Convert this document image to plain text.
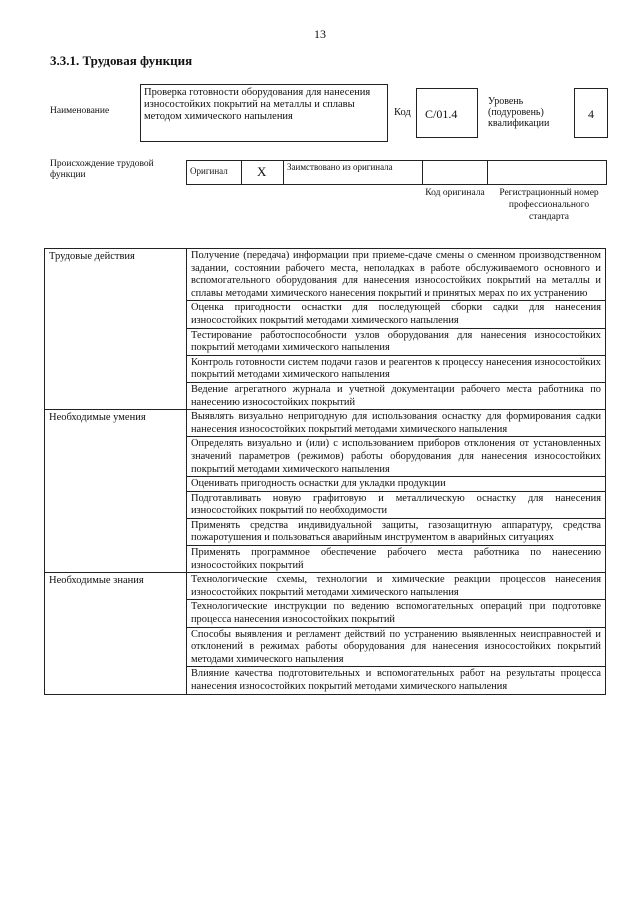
13
3.3.1. Трудовая функция
Наименование
Проверка готовности оборудования для нанесения износостойких покрытий на металлы и сплавы методом химического напыления	Код	C/01.4
Уровень (подуровень) квалификации
4
Происхождение трудовой функции	Оригинал	X	Заимствовано из оригинала
Код оригинала	Регистрационный номер профессионального стандарта
Трудовые действия	Получение (передача) информации при приеме-сдаче смены о сменном производственном задании, состоянии рабочего места, неполадках в работе обслуживаемого основного и вспомогательного оборудования для нанесения износостойких покрытий на металлы и сплавы методами химического нанесения покрытий и принятых мерах по их устранению
	Оценка пригодности оснастки для последующей сборки садки для нанесения износостойких покрытий методами химического напыления
	Тестирование работоспособности узлов оборудования для нанесения износостойких покрытий методами химического напыления
	Контроль готовности систем подачи газов и реагентов к процессу нанесения износостойких покрытий методами химического напыления
	Ведение агрегатного журнала и учетной документации рабочего места работника по нанесению износостойких покрытий
Необходимые умения	Выявлять визуально непригодную для использования оснастку для формирования садки нанесения износостойких покрытий методами химического напыления
	Определять визуально и (или) с использованием приборов отклонения от установленных значений параметров (режимов) работы оборудования для нанесения износостойких покрытий методами химического напыления
	Оценивать пригодность оснастки для укладки продукции
	Подготавливать новую графитовую и металлическую оснастку для нанесения износостойких покрытий по необходимости
	Применять средства индивидуальной защиты, газозащитную аппаратуру, средства пожаротушения и пользоваться аварийным инструментом в аварийных ситуациях
	Применять программное обеспечение рабочего места работника по нанесению износостойких покрытий
Необходимые знания	Технологические схемы, технологии и химические реакции процессов нанесения износостойких покрытий методами химического напыления
	Технологические инструкции по ведению вспомогательных операций при подготовке процесса нанесения износостойких покрытий
	Способы выявления и регламент действий по устранению выявленных неисправностей и отклонений в режимах работы оборудования для нанесения износостойких покрытий методами химического напыления
	Влияние качества подготовительных и вспомогательных работ на результаты процесса нанесения износостойких покрытий методами химического напыления
